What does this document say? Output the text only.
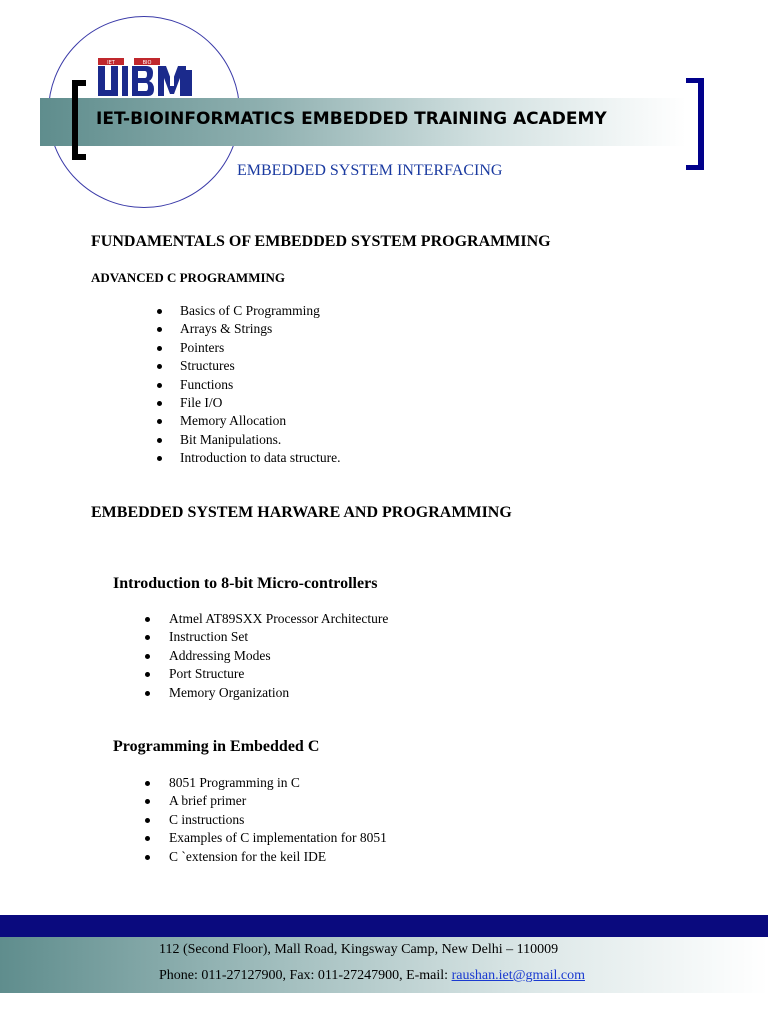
IET	BIO
IET-BIOINFORMATICS EMBEDDED TRAINING ACADEMY
EMBEDDED SYSTEM INTERFACING
FUNDAMENTALS OF EMBEDDED SYSTEM PROGRAMMING
ADVANCED C PROGRAMMING
Basics of C Programming
Arrays & Strings
Pointers
Structures
Functions
File I/O
Memory Allocation
Bit Manipulations.
Introduction to data structure.
EMBEDDED SYSTEM HARWARE AND PROGRAMMING
Introduction to 8-bit Micro-controllers
Atmel AT89SXX Processor Architecture
Instruction Set
Addressing Modes
Port Structure
Memory Organization
Programming in Embedded C
8051 Programming in C
A brief primer
C instructions
Examples of C implementation for 8051
C `extension for the keil IDE
112 (Second Floor), Mall Road, Kingsway Camp, New Delhi – 110009
Phone: 011-27127900, Fax: 011-27247900, E-mail: raushan.iet@gmail.com
